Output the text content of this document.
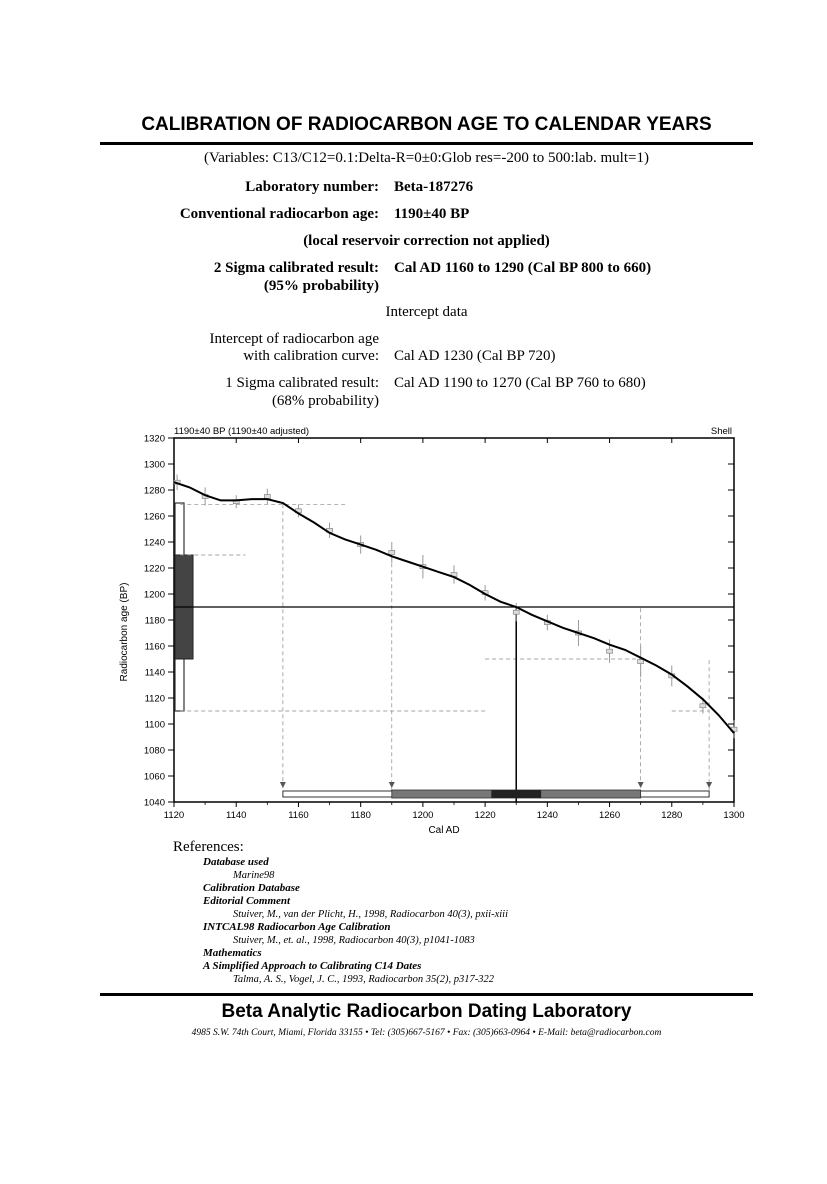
CALIBRATION OF RADIOCARBON AGE TO CALENDAR YEARS
(Variables: C13/C12=0.1:Delta-R=0±0:Glob res=-200 to 500:lab. mult=1)
Laboratory number: Beta-187276
Conventional radiocarbon age: 1190±40 BP
(local reservoir correction not applied)
2 Sigma calibrated result:
(95% probability)
Cal AD 1160 to 1290 (Cal BP 800 to 660)
Intercept data
Intercept of radiocarbon age
with calibration curve: Cal AD 1230 (Cal BP 720)
1 Sigma calibrated result:
(68% probability)
Cal AD 1190 to 1270 (Cal BP 760 to 680)
1190±40 BP (1190±40 adjusted)	Shell
1120	1140	1160	1180	1200	1220	1240	1260	1280	1300
1040
1060
1080
1100
1120
1140
1160
1180
1200
1220
1240
1260
1280
1300
1320
Cal AD
Radiocarbon age (BP)
References:
Database used
Marine98
Calibration Database
Editorial Comment
Stuiver, M., van der Plicht, H., 1998, Radiocarbon 40(3), pxii-xiii
INTCAL98 Radiocarbon Age Calibration
Stuiver, M., et. al., 1998, Radiocarbon 40(3), p1041-1083
Mathematics
A Simplified Approach to Calibrating C14 Dates
Talma, A. S., Vogel, J. C., 1993, Radiocarbon 35(2), p317-322
Beta Analytic Radiocarbon Dating Laboratory
4985 S.W. 74th Court, Miami, Florida 33155 • Tel: (305)667-5167 • Fax: (305)663-0964 • E-Mail: beta@radiocarbon.com
